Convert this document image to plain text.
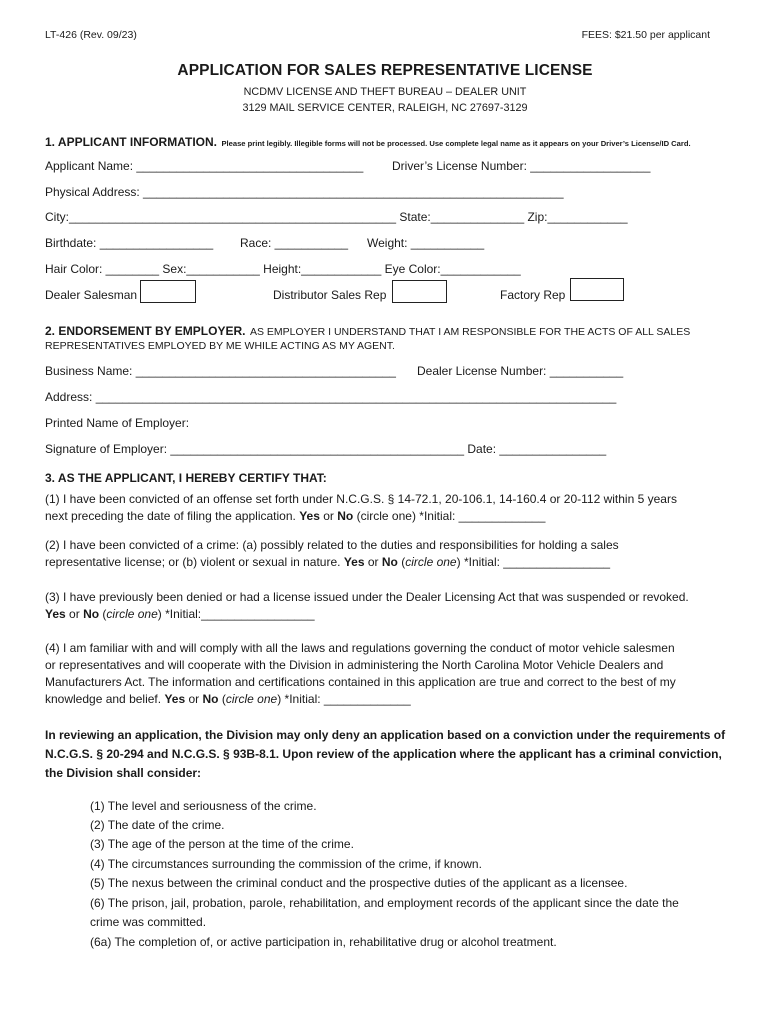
LT-426 (Rev. 09/23)	FEES: $21.50 per applicant
APPLICATION FOR SALES REPRESENTATIVE LICENSE
NCDMV LICENSE AND THEFT BUREAU – DEALER UNIT
3129 MAIL SERVICE CENTER, RALEIGH, NC 27697-3129
1. APPLICANT INFORMATION. Please print legibly. Illegible forms will not be processed. Use complete legal name as it appears on your Driver’s License/ID Card.
Applicant Name: __________________________________ Driver’s License Number: __________________
Physical Address: _______________________________________________________________
City:_________________________________________________ State:______________ Zip:____________
Birthdate: _________________ Race: ___________ Weight: ___________
Hair Color: ________ Sex:___________ Height:____________ Eye Color:____________
Dealer Salesman	Distributor Sales Rep	Factory Rep
2. ENDORSEMENT BY EMPLOYER. AS EMPLOYER I UNDERSTAND THAT I AM RESPONSIBLE FOR THE ACTS OF ALL SALES
REPRESENTATIVES EMPLOYED BY ME WHILE ACTING AS MY AGENT.
Business Name: _______________________________________ Dealer License Number: ___________
Address: ______________________________________________________________________________
Printed Name of Employer:
Signature of Employer: ____________________________________________ Date: ________________
3. AS THE APPLICANT, I HEREBY CERTIFY THAT:
(1) I have been convicted of an offense set forth under N.C.G.S. § 14-72.1, 20-106.1, 14-160.4 or 20-112 within 5 years
next preceding the date of filing the application. Yes or No (circle one) *Initial: _____________
(2) I have been convicted of a crime: (a) possibly related to the duties and responsibilities for holding a sales
representative license; or (b) violent or sexual in nature. Yes or No (circle one) *Initial: ________________
(3) I have previously been denied or had a license issued under the Dealer Licensing Act that was suspended or revoked.
Yes or No (circle one) *Initial:_________________
(4) I am familiar with and will comply with all the laws and regulations governing the conduct of motor vehicle salesmen
or representatives and will cooperate with the Division in administering the North Carolina Motor Vehicle Dealers and
Manufacturers Act. The information and certifications contained in this application are true and correct to the best of my
knowledge and belief. Yes or No (circle one) *Initial: _____________
In reviewing an application, the Division may only deny an application based on a conviction under the requirements of
N.C.G.S. § 20-294 and N.C.G.S. § 93B-8.1. Upon review of the application where the applicant has a criminal conviction,
the Division shall consider:
(1) The level and seriousness of the crime.
(2) The date of the crime.
(3) The age of the person at the time of the crime.
(4) The circumstances surrounding the commission of the crime, if known.
(5) The nexus between the criminal conduct and the prospective duties of the applicant as a licensee.
(6) The prison, jail, probation, parole, rehabilitation, and employment records of the applicant since the date the
crime was committed.
(6a) The completion of, or active participation in, rehabilitative drug or alcohol treatment.
